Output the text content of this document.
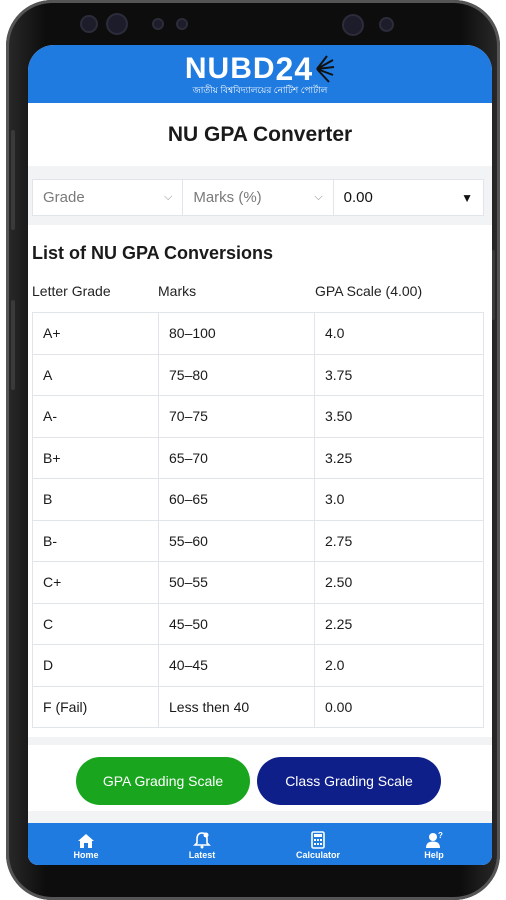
NUBD 24
জাতীয় বিশ্ববিদ্যালয়ের নোটিশ পোর্টাল
NU GPA Converter
Grade	⌵ Marks (%)	⌵ 0.00	▼
List of NU GPA Conversions
Letter Grade	Marks	GPA Scale (4.00)
A+	80–100	4.0
A	75–80	3.75
A-	70–75	3.50
B+	65–70	3.25
B	60–65	3.0
B-	55–60	2.75
C+	50–55	2.50
C	45–50	2.25
D	40–45	2.0
F (Fail)	Less then 40	0.00
GPA Grading Scale	Class Grading Scale
Home	Latest	Calculator
?
Help
